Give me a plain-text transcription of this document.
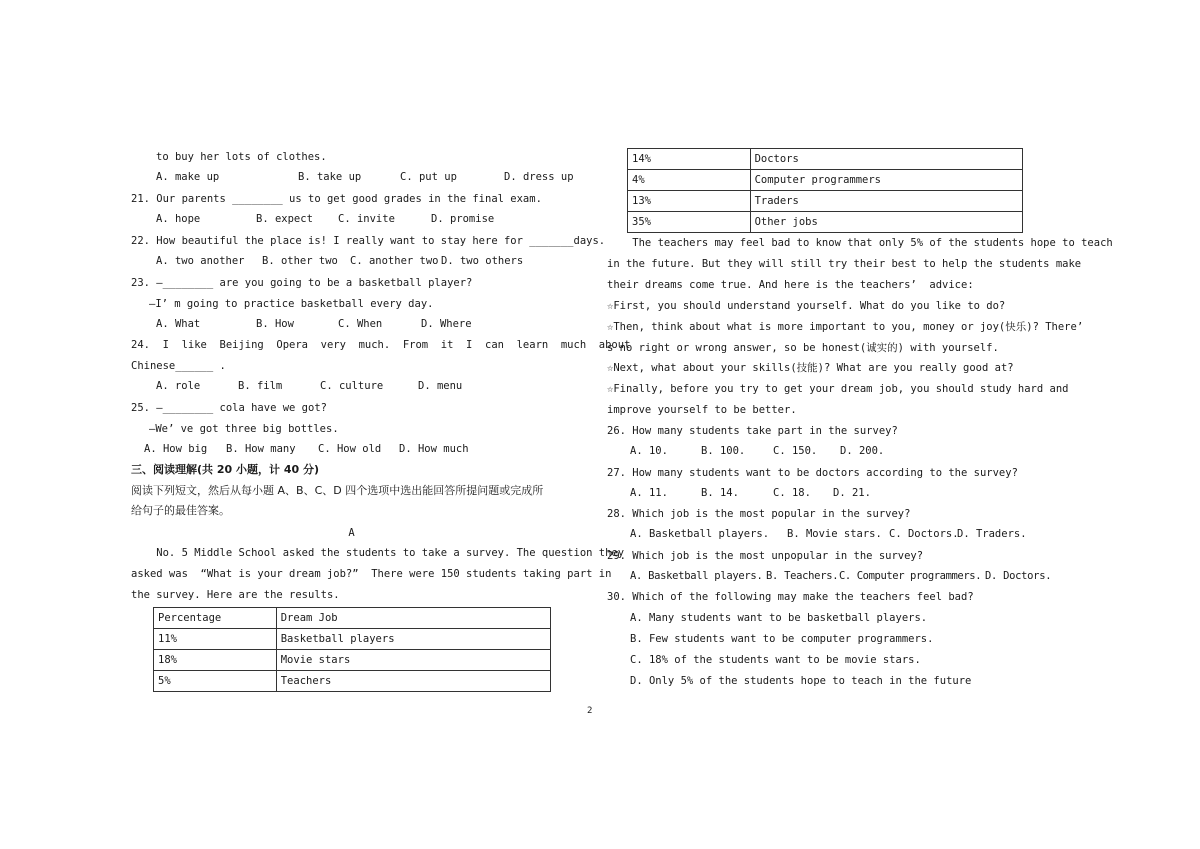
to buy her lots of clothes.
A. make up	B. take up	C. put up	D. dress up
21. Our parents ________ us to get good grades in the final exam.
A. hope	B. expect C. invite	D. promise
22. How beautiful the place is! I really want to stay here for _______days.
A. two another B. other two C. another two D. two others
23. —________ are you going to be a basketball player?
—I’ m going to practice basketball every day.
A. What	B. How	C. When	D. Where
24.  I  like  Beijing  Opera  very  much.  From  it  I  can  learn  much  about
Chinese______ .
A. role	B. film	C. culture	D. menu
25. —________ cola have we got?
—We’ ve got three big bottles.
A. How big B. How many C. How old D. How much
三、阅读理解(共 20 小题，计 40 分)
阅读下列短文，然后从每小题 A、B、C、D 四个选项中选出能回答所提问题或完成所
给句子的最佳答案。
A
No. 5 Middle School asked the students to take a survey. The question they
asked was  “What is your dream job?”  There were 150 students taking part in
the survey. Here are the results.
Percentage	Dream Job
11%	Basketball players
18%	Movie stars
5%	Teachers
14%	Doctors
4%	Computer programmers
13%	Traders
35%	Other jobs
The teachers may feel bad to know that only 5% of the students hope to teach
in the future. But they will still try their best to help the students make
their dreams come true. And here is the teachers’  advice:
☆First, you should understand yourself. What do you like to do?
☆Then, think about what is more important to you, money or joy(快乐)? There’
s no right or wrong answer, so be honest(诚实的) with yourself.
☆Next, what about your skills(技能)? What are you really good at?
☆Finally, before you try to get your dream job, you should study hard and
improve yourself to be better.
26. How many students take part in the survey?
A. 10.	B. 100.	C. 150. D. 200.
27. How many students want to be doctors according to the survey?
A. 11.	B. 14.	C. 18. D. 21.
28. Which job is the most popular in the survey?
A. Basketball players. B. Movie stars. C. Doctors.
D. Traders.
29. Which job is the most unpopular in the survey?
A. Basketball players. B. Teachers. C. Computer programmers. D. Doctors.
30. Which of the following may make the teachers feel bad?
A. Many students want to be basketball players.
B. Few students want to be computer programmers.
C. 18% of the students want to be movie stars.
D. Only 5% of the students hope to teach in the future
2
